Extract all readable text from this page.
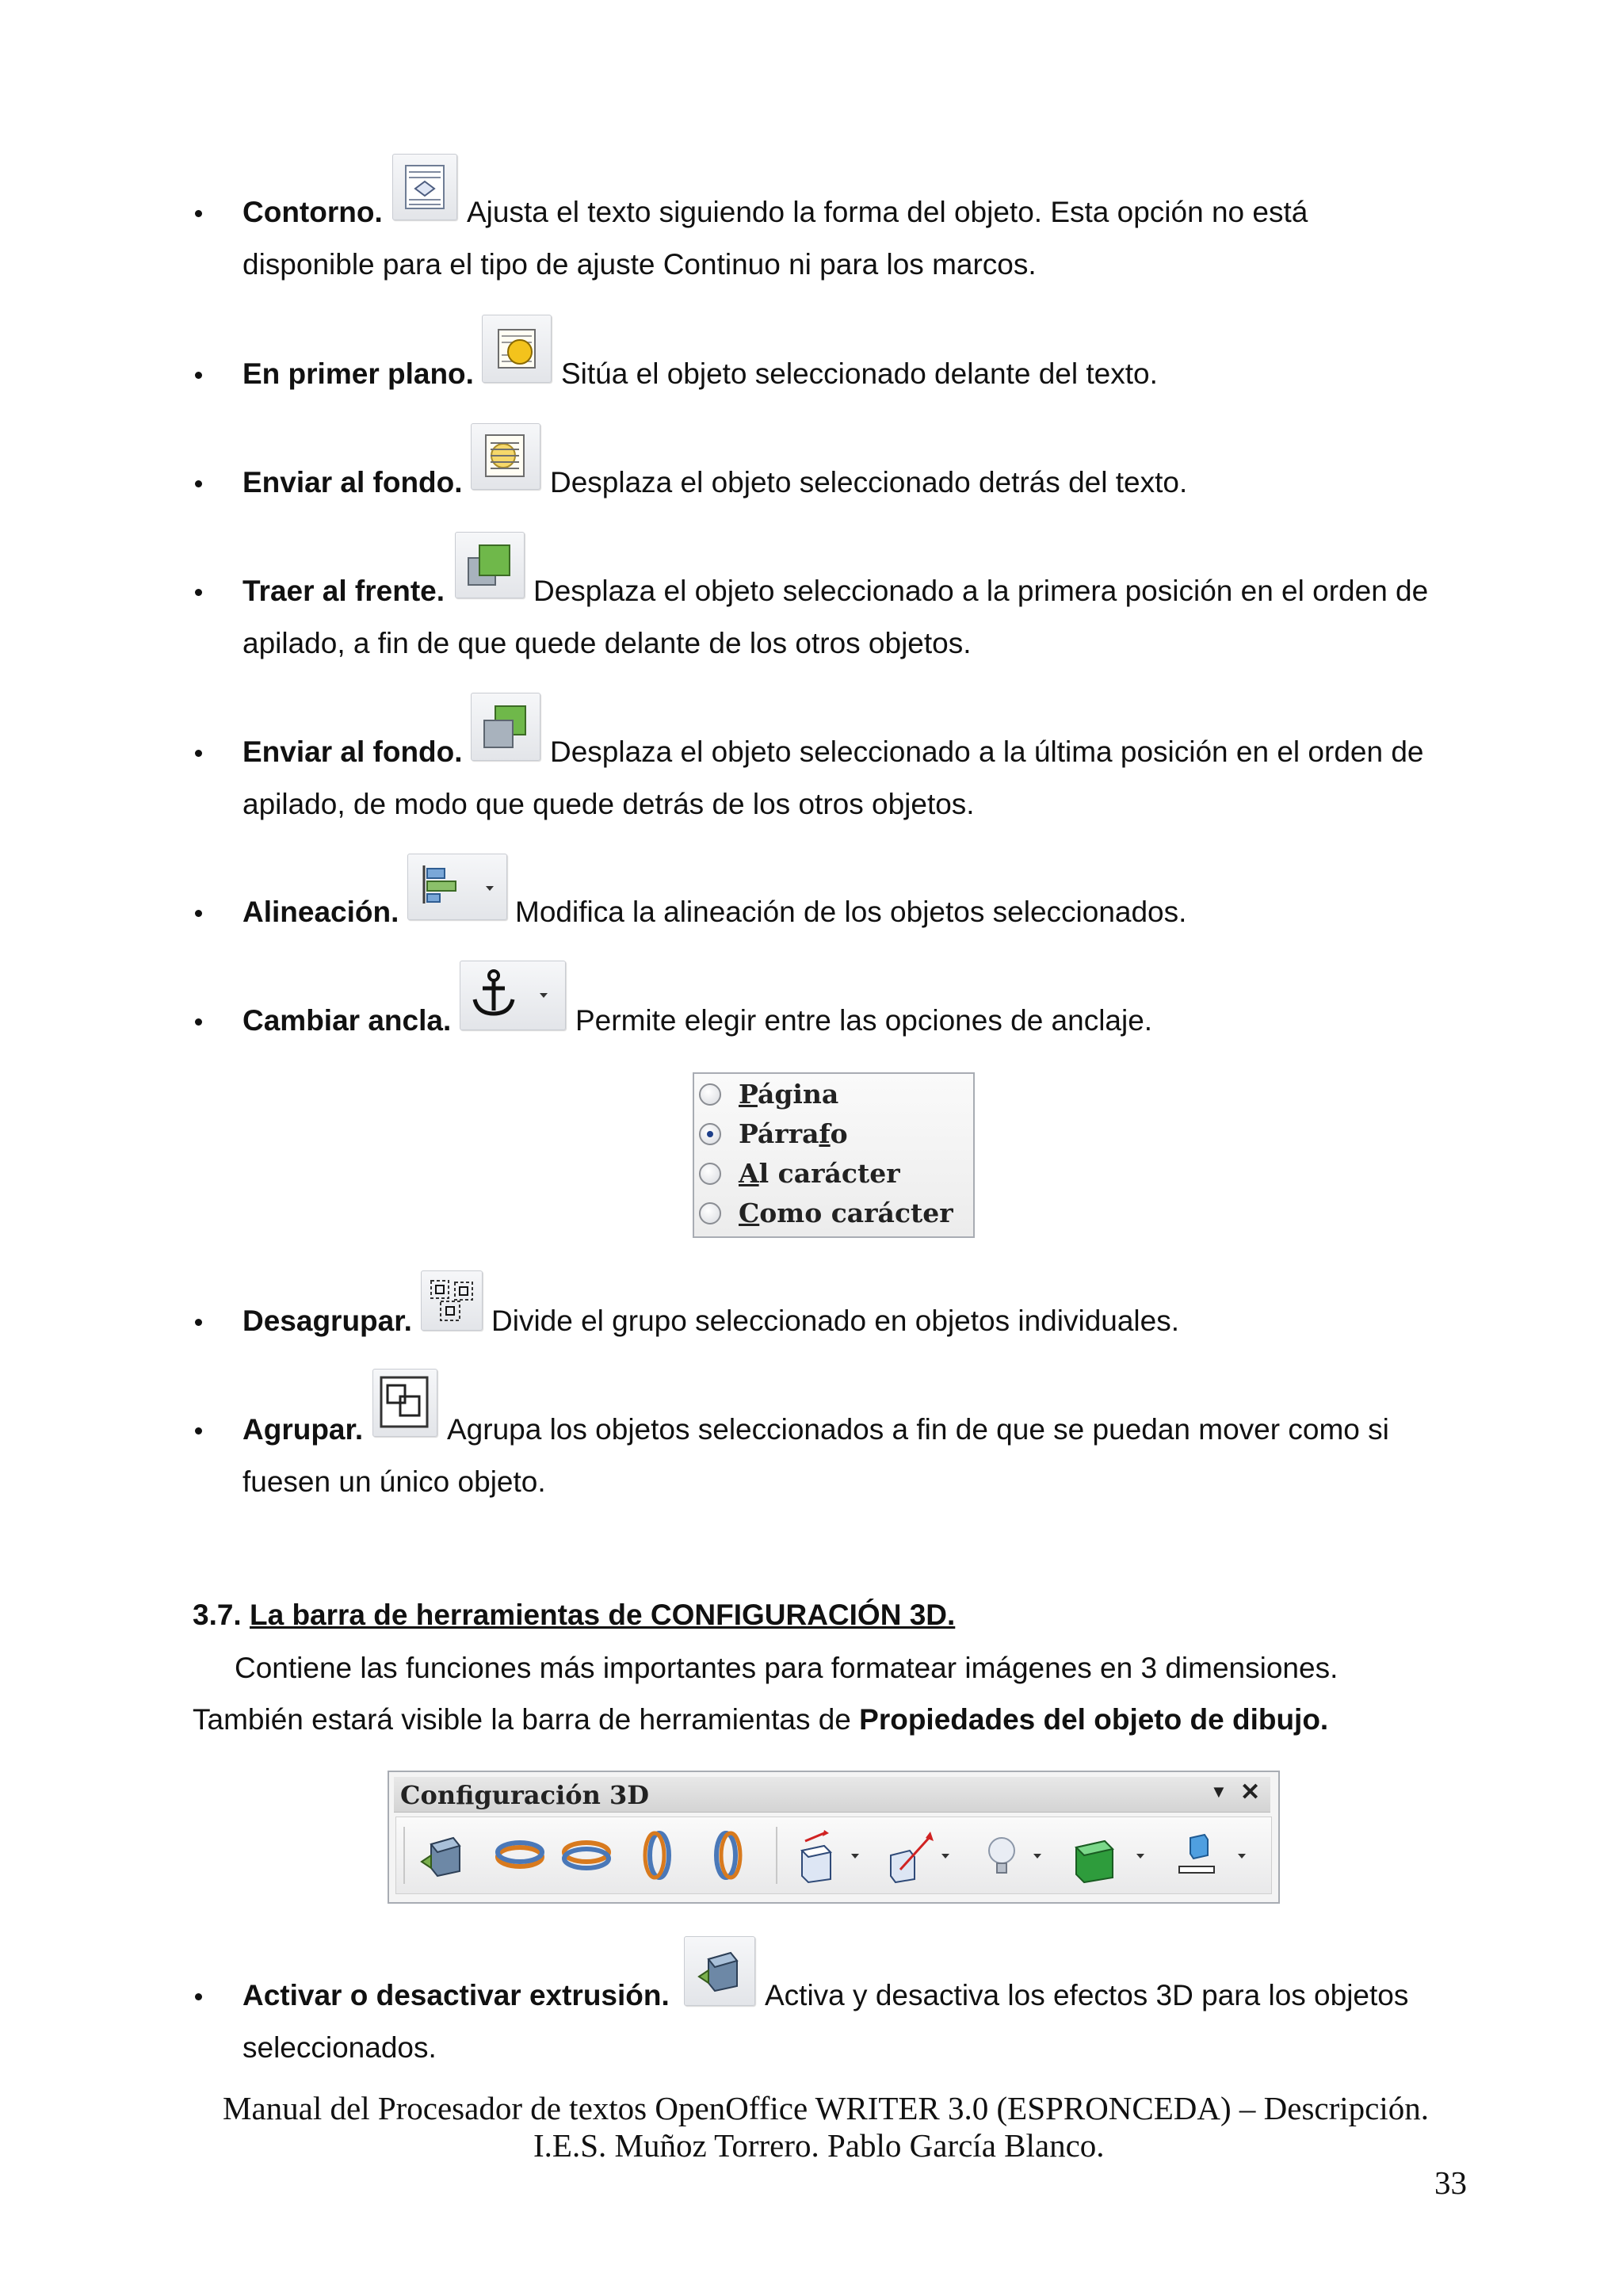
Contorno.	Ajusta el texto siguiendo la forma del objeto. Esta opción no está
disponible para el tipo de ajuste Continuo ni para los marcos.
En primer plano.	Sitúa el objeto seleccionado delante del texto.
Enviar al fondo.	Desplaza el objeto seleccionado detrás del texto.
Traer al frente.	Desplaza el objeto seleccionado a la primera posición en el orden de
apilado, a fin de que quede delante de los otros objetos.
Enviar al fondo.	Desplaza el objeto seleccionado a la última posición en el orden de
apilado, de modo que quede detrás de los otros objetos.
Alineación.	Modifica la alineación de los objetos seleccionados.
Cambiar ancla.	Permite elegir entre las opciones de anclaje.
Página
Párrafo
Al carácter
Como carácter
Desagrupar.	Divide el grupo seleccionado en objetos individuales.
Agrupar.	Agrupa los objetos seleccionados a fin de que se puedan mover como si
fuesen un único objeto.
3.7. La barra de herramientas de CONFIGURACIÓN 3D.
Contiene las funciones más importantes para formatear imágenes en 3 dimensiones.
También estará visible la barra de herramientas de Propiedades del objeto de dibujo.
Configuración 3D	▼ ✕
Activar o desactivar extrusión.	Activa y desactiva los efectos 3D para los objetos
seleccionados.
Manual del Procesador de textos OpenOffice WRITER 3.0 (ESPRONCEDA) – Descripción.
I.E.S. Muñoz Torrero. Pablo García Blanco.
33
